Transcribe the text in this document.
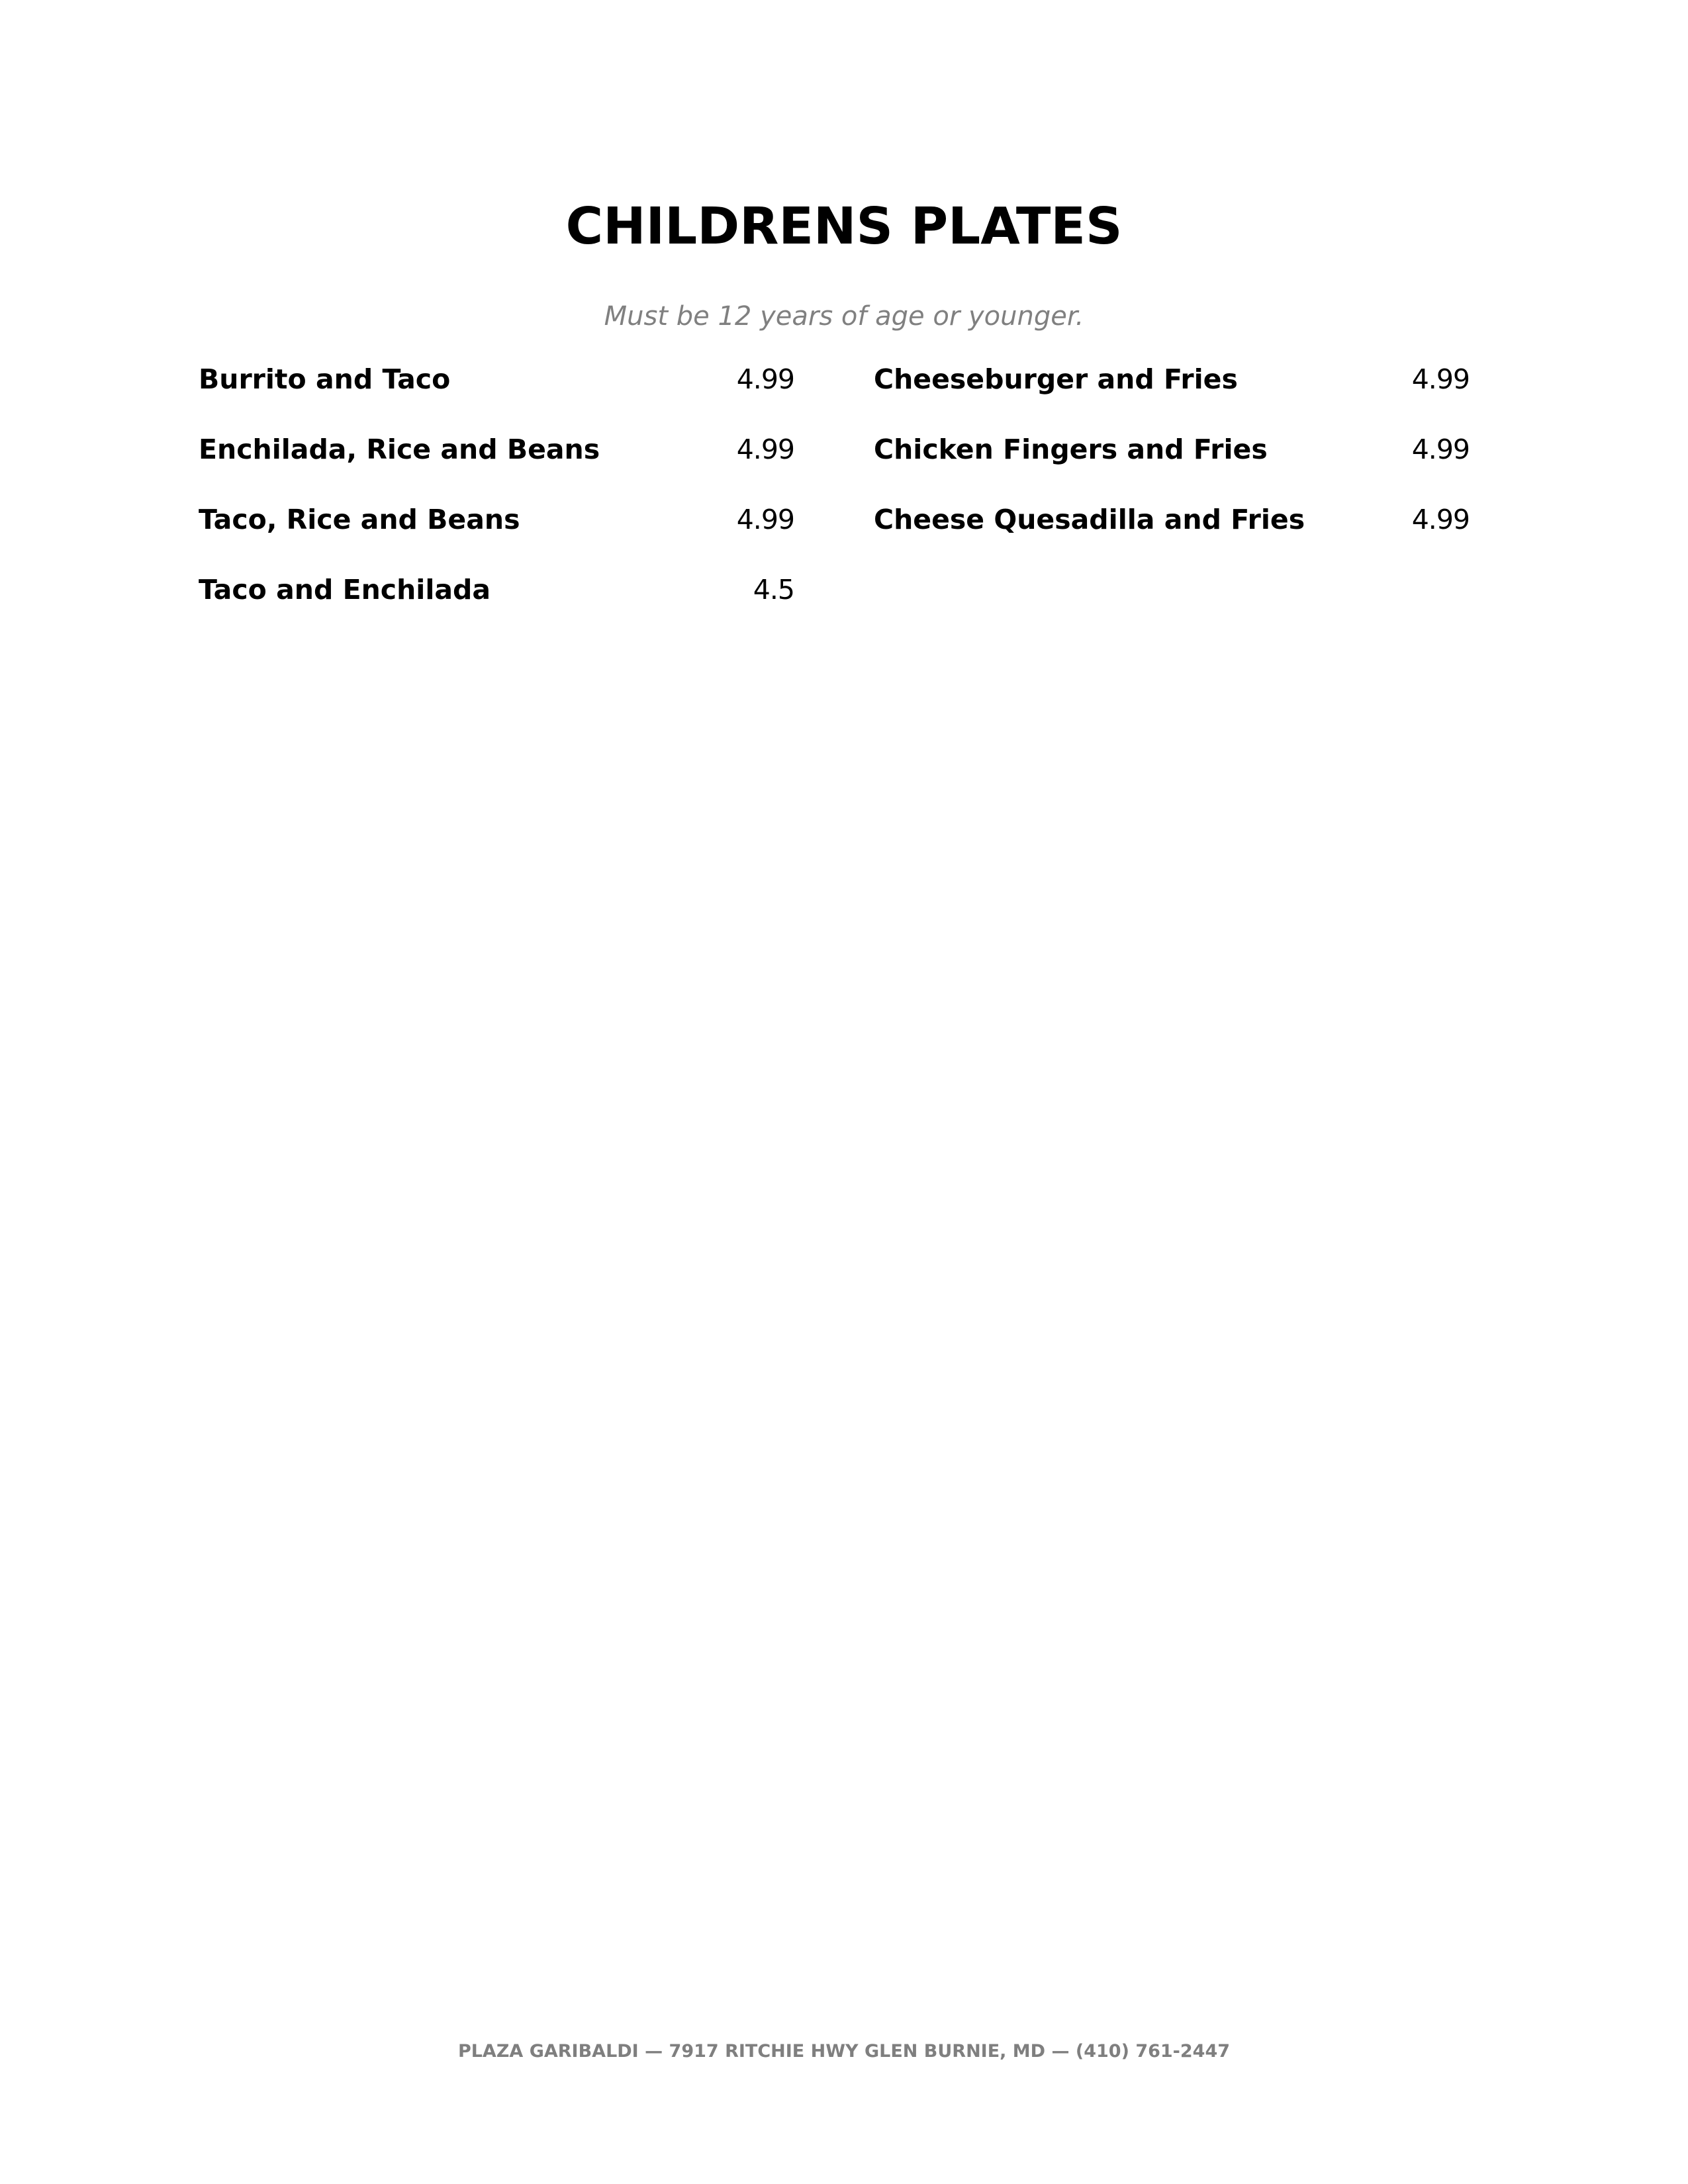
CHILDRENS PLATES

Must be 12 years of age or younger.

Burrito and Taco	4.99
Enchilada, Rice and Beans	4.99
Taco, Rice and Beans	4.99
Taco and Enchilada	4.5
Cheeseburger and Fries	4.99
Chicken Fingers and Fries	4.99
Cheese Quesadilla and Fries	4.99
PLAZA GARIBALDI — 7917 RITCHIE HWY GLEN BURNIE, MD — (410) 761-2447
